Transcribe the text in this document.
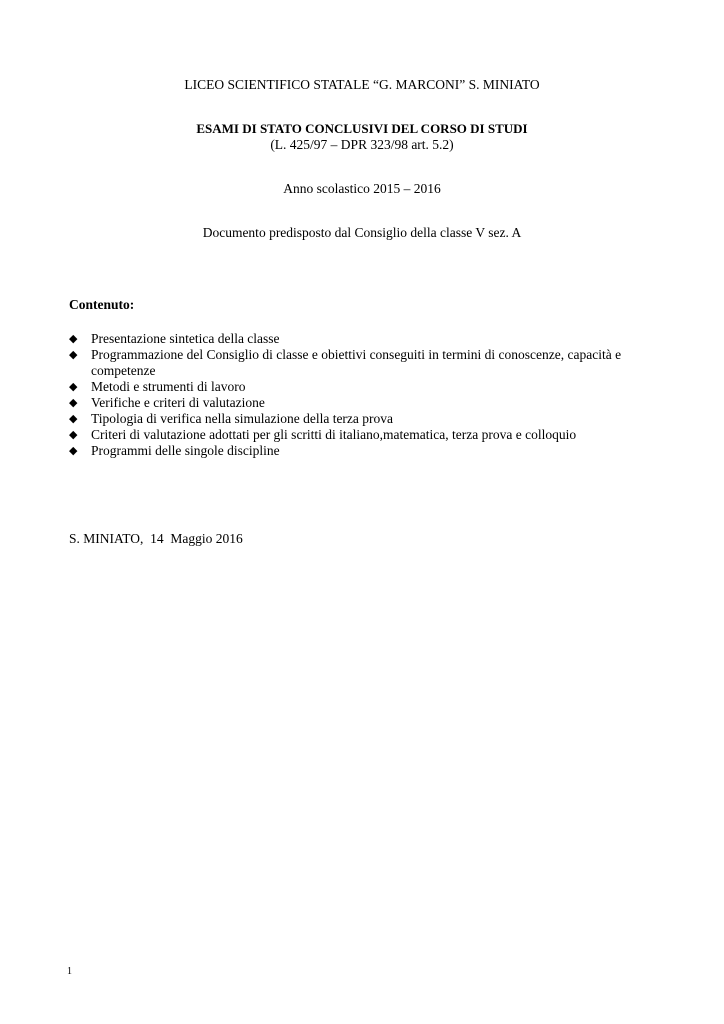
LICEO SCIENTIFICO STATALE “G. MARCONI” S. MINIATO
ESAMI DI STATO CONCLUSIVI DEL CORSO DI STUDI
(L. 425/97 – DPR 323/98 art. 5.2)
Anno scolastico 2015 – 2016
Documento predisposto dal Consiglio della classe V sez. A
Contenuto:
◆ Presentazione sintetica della classe
◆ Programmazione del Consiglio di classe e obiettivi conseguiti in termini di conoscenze, capacità e competenze
◆ Metodi e strumenti di lavoro
◆ Verifiche e criteri di valutazione
◆ Tipologia di verifica nella simulazione della terza prova
◆ Criteri di valutazione adottati per gli scritti di italiano,matematica, terza prova e colloquio
◆ Programmi delle singole discipline
S. MINIATO,  14  Maggio 2016
1
